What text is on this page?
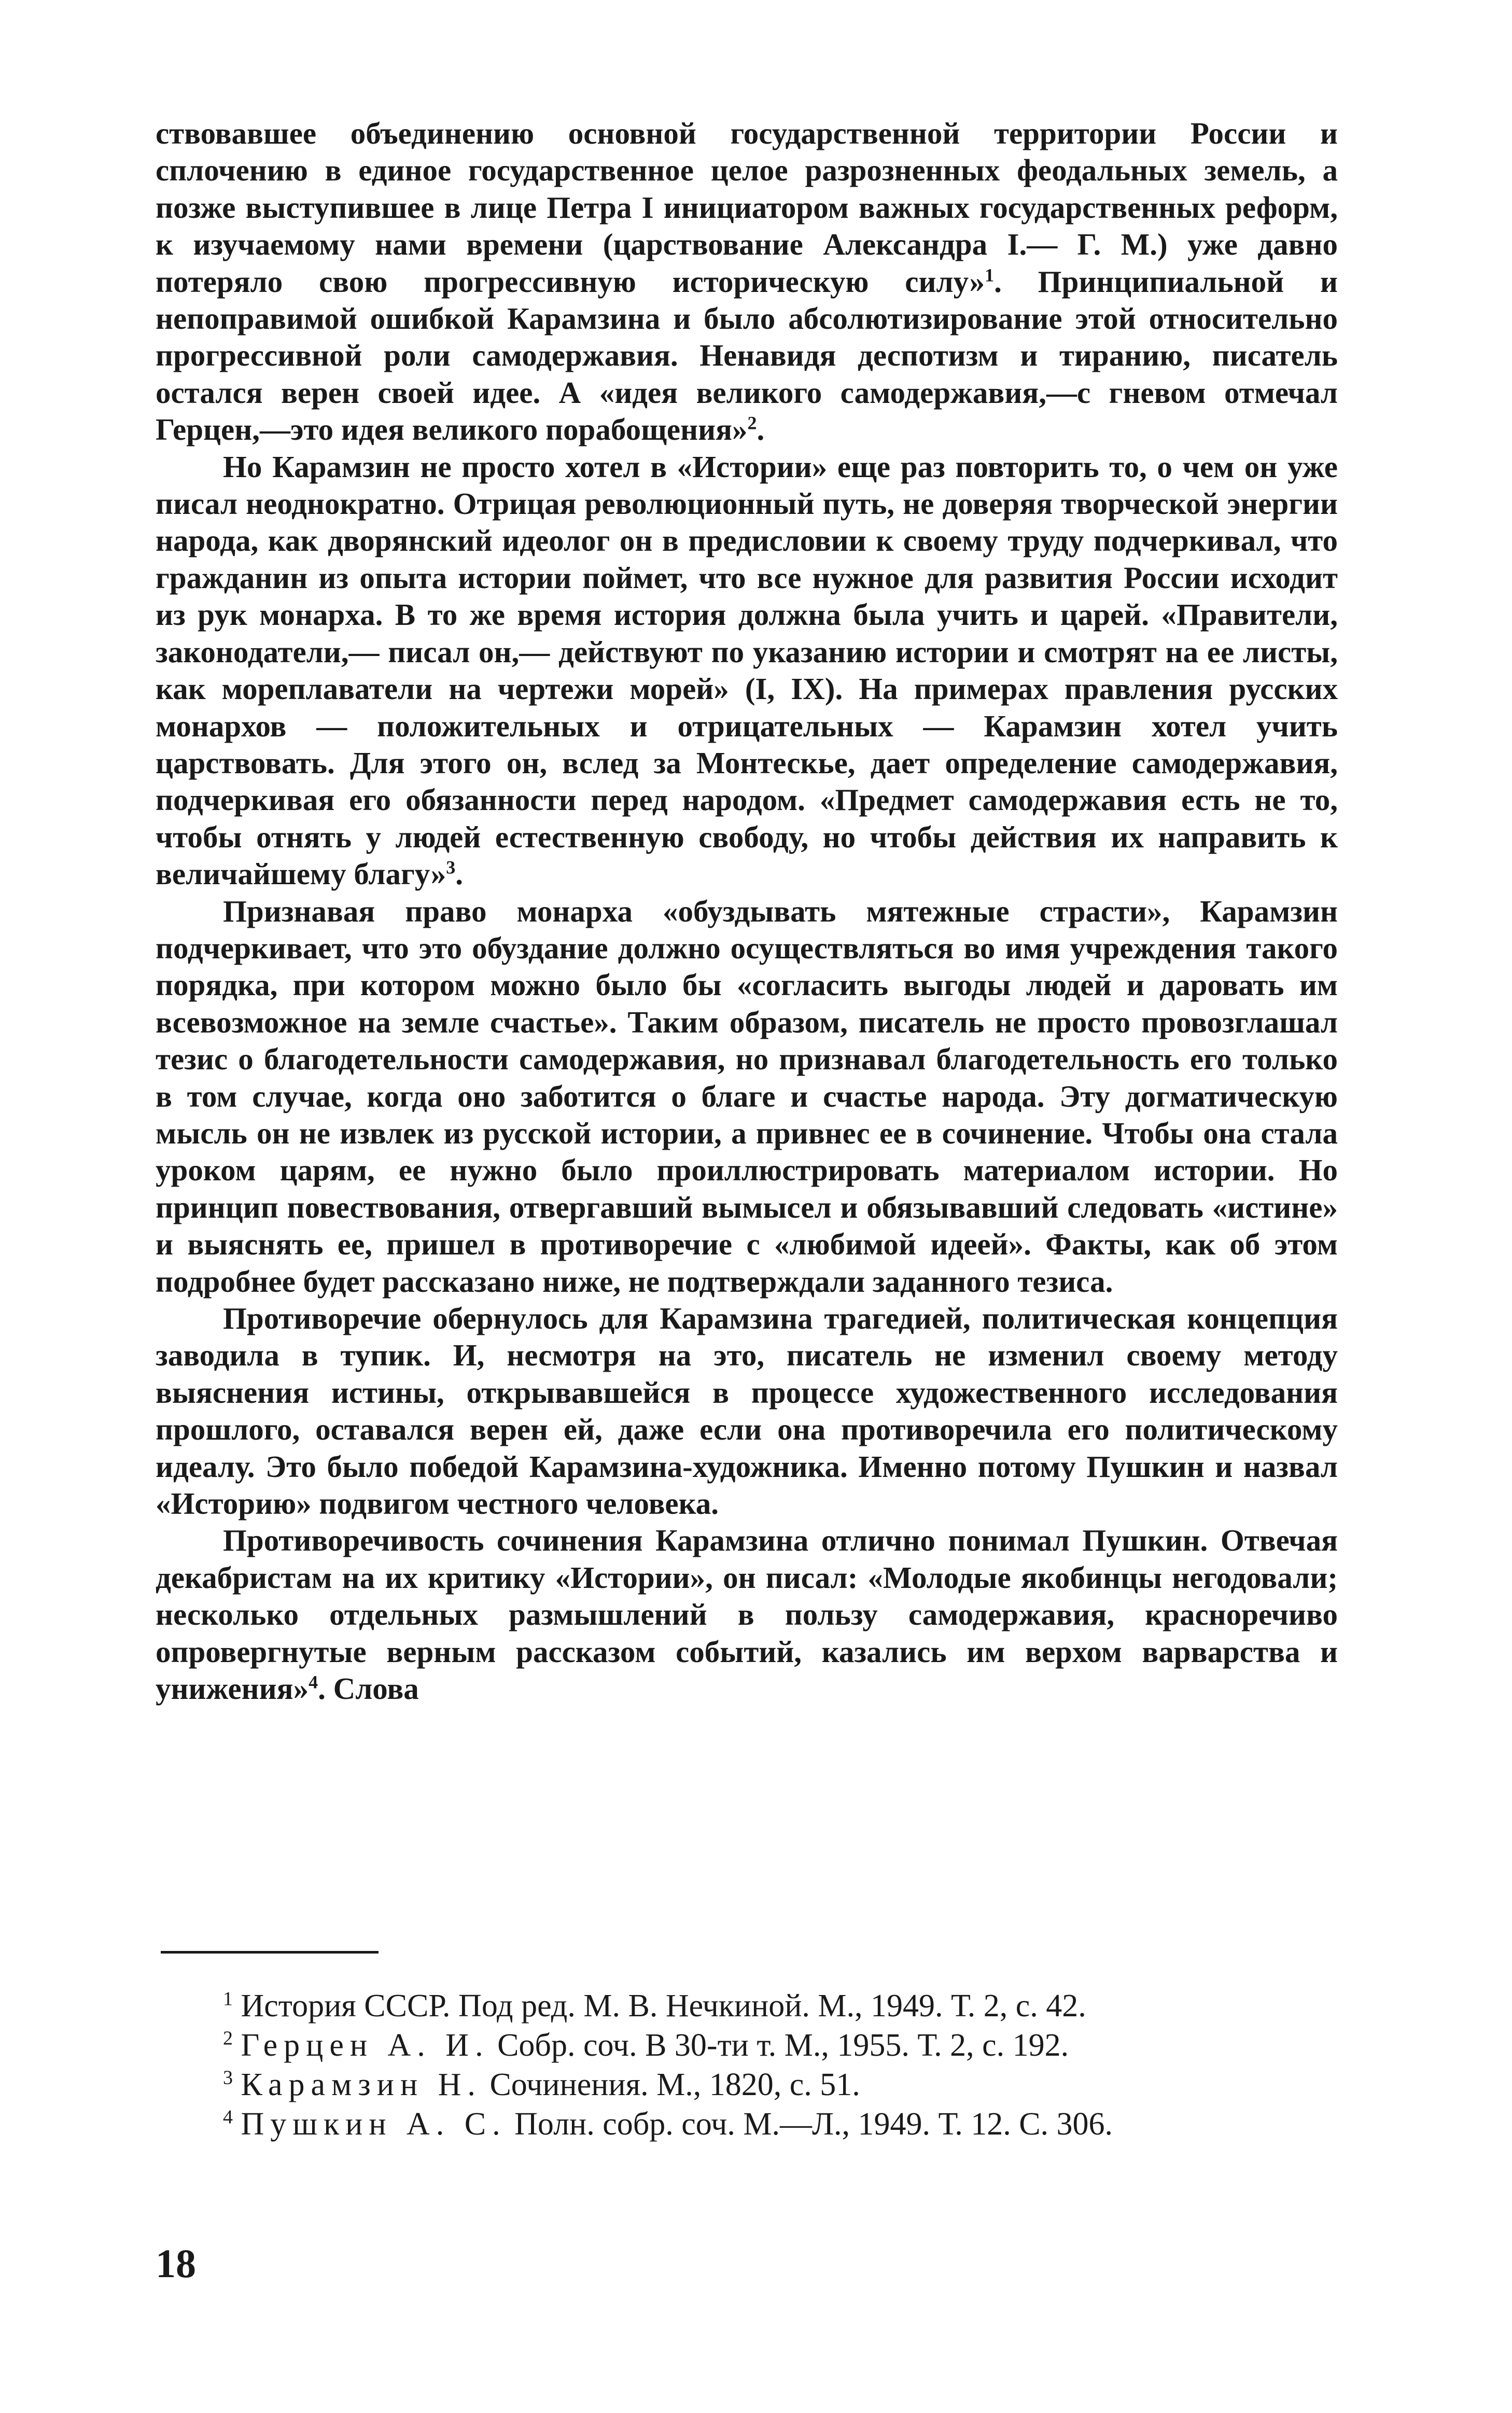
ствовавшее объединению основной государственной территории России и сплочению в единое государственное целое разрозненных феодальных земель, а позже выступившее в лице Петра I инициатором важных государственных реформ, к изучаемому нами времени (царствование Александра I.— Г. М.) уже давно потеряло свою прогрессивную историческую силу»$^1$. Принципиальной и непоправимой ошибкой Карамзина и было абсолютизирование этой относительно прогрессивной роли самодержавия. Ненавидя деспотизм и тиранию, писатель остался верен своей идее. А «идея великого самодержавия,—с гневом отмечал Герцен,—это идея великого порабощения»$^2$.

Но Карамзин не просто хотел в «Истории» еще раз повторить то, о чем он уже писал неоднократно. Отрицая революционный путь, не доверяя творческой энергии народа, как дворянский идеолог он в предисловии к своему труду подчеркивал, что гражданин из опыта истории поймет, что все нужное для развития России исходит из рук монарха. В то же время история должна была учить и царей. «Правители, законодатели,— писал он,— действуют по указанию истории и смотрят на ее листы, как мореплаватели на чертежи морей» (I, IX). На примерах правления русских монархов — положительных и отрицательных — Карамзин хотел учить царствовать. Для этого он, вслед за Монтескье, дает определение самодержавия, подчеркивая его обязанности перед народом. «Предмет самодержавия есть не то, чтобы отнять у людей естественную свободу, но чтобы действия их направить к величайшему благу»$^3$.

Признавая право монарха «обуздывать мятежные страсти», Карамзин подчеркивает, что это обуздание должно осуществляться во имя учреждения такого порядка, при котором можно было бы «согласить выгоды людей и даровать им всевозможное на земле счастье». Таким образом, писатель не просто провозглашал тезис о благодетельности самодержавия, но признавал благодетельность его только в том случае, когда оно заботится о благе и счастье народа. Эту догматическую мысль он не извлек из русской истории, а привнес ее в сочинение. Чтобы она стала уроком царям, ее нужно было проиллюстрировать материалом истории. Но принцип повествования, отвергавший вымысел и обязывавший следовать «истине» и выяснять ее, пришел в противоречие с «любимой идеей». Факты, как об этом подробнее будет рассказано ниже, не подтверждали заданного тезиса.

Противоречие обернулось для Карамзина трагедией, политическая концепция заводила в тупик. И, несмотря на это, писатель не изменил своему методу выяснения истины, открывавшейся в процессе художественного исследования прошлого, оставался верен ей, даже если она противоречила его политическому идеалу. Это было победой Карамзина-художника. Именно потому Пушкин и назвал «Историю» подвигом честного человека.

Противоречивость сочинения Карамзина отлично понимал Пушкин. Отвечая декабристам на их критику «Истории», он писал: «Молодые якобинцы негодовали; несколько отдельных размышлений в пользу самодержавия, красноречиво опровергнутые верным рассказом событий, казались им верхом варварства и унижения»$^4$. Слова

$^1$ История СССР. Под ред. М. В. Нечкиной. М., 1949. Т. 2, с. 42.

$^2$ Герцен А. И. Собр. соч. В 30-ти т. М., 1955. Т. 2, с. 192.

$^3$ Карамзин Н. Сочинения. М., 1820, с. 51.

$^4$ Пушкин А. С. Полн. собр. соч. М.—Л., 1949. Т. 12. С. 306.

18
